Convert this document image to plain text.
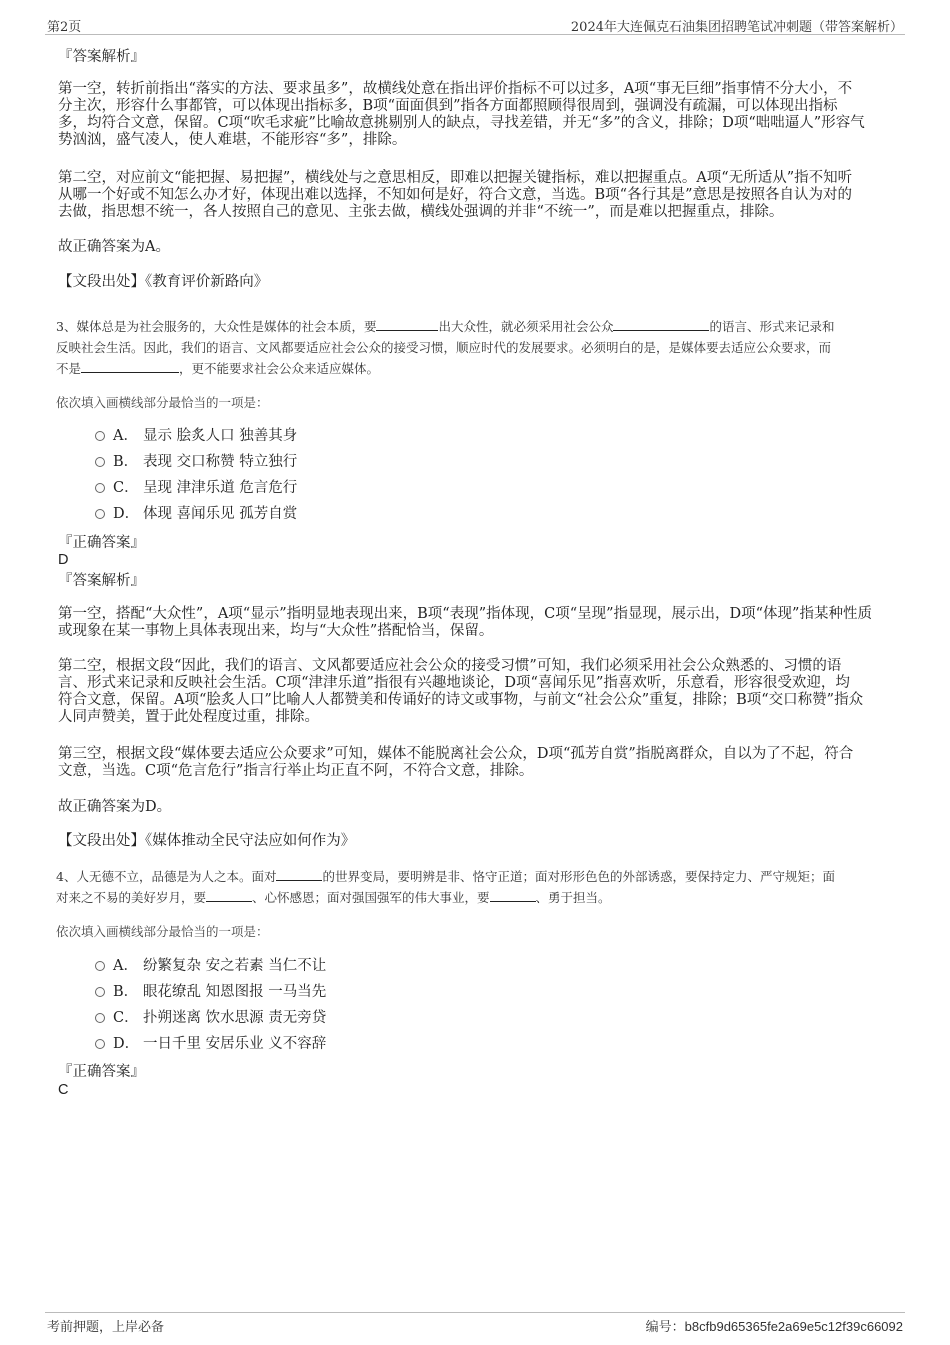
第2页	2024年大连佩克石油集团招聘笔试冲刺题（带答案解析）
『答案解析』
第一空，转折前指出“落实的方法、要求虽多”，故横线处意在指出评价指标不可以过多，A项“事无巨细”指事情不分大小，不
分主次，形容什么事都管，可以体现出指标多，B项“面面俱到”指各方面都照顾得很周到，强调没有疏漏，可以体现出指标
多，均符合文意，保留。C项“吹毛求疵”比喻故意挑剔别人的缺点，寻找差错，并无“多”的含义，排除；D项“咄咄逼人”形容气
势汹汹，盛气凌人，使人难堪，不能形容“多”，排除。
第二空，对应前文“能把握、易把握”，横线处与之意思相反，即难以把握关键指标，难以把握重点。A项“无所适从”指不知听
从哪一个好或不知怎么办才好，体现出难以选择，不知如何是好，符合文意，当选。B项“各行其是”意思是按照各自认为对的
去做，指思想不统一，各人按照自己的意见、主张去做，横线处强调的并非“不统一”，而是难以把握重点，排除。
故正确答案为A。
【文段出处】《教育评价新路向》
3、媒体总是为社会服务的，大众性是媒体的社会本质，要	出大众性，就必须采用社会公众	的语言、形式来记录和
反映社会生活。因此，我们的语言、文风都要适应社会公众的接受习惯，顺应时代的发展要求。必须明白的是，是媒体要去适应公众要求，而
不是	，更不能要求社会公众来适应媒体。
依次填入画横线部分最恰当的一项是：
A． 显示 脍炙人口 独善其身
B． 表现 交口称赞 特立独行
C． 呈现 津津乐道 危言危行
D． 体现 喜闻乐见 孤芳自赏
『正确答案』
D
『答案解析』
第一空，搭配“大众性”，A项“显示”指明显地表现出来，B项“表现”指体现，C项“呈现”指显现，展示出，D项“体现”指某种性质
或现象在某一事物上具体表现出来，均与“大众性”搭配恰当，保留。
第二空，根据文段“因此，我们的语言、文风都要适应社会公众的接受习惯”可知，我们必须采用社会公众熟悉的、习惯的语
言、形式来记录和反映社会生活。C项“津津乐道”指很有兴趣地谈论，D项“喜闻乐见”指喜欢听，乐意看，形容很受欢迎，均
符合文意，保留。A项“脍炙人口”比喻人人都赞美和传诵好的诗文或事物，与前文“社会公众”重复，排除；B项“交口称赞”指众
人同声赞美，置于此处程度过重，排除。
第三空，根据文段“媒体要去适应公众要求”可知，媒体不能脱离社会公众，D项“孤芳自赏”指脱离群众，自以为了不起，符合
文意，当选。C项“危言危行”指言行举止均正直不阿，不符合文意，排除。
故正确答案为D。
【文段出处】《媒体推动全民守法应如何作为》
4、人无德不立，品德是为人之本。面对	的世界变局，要明辨是非、恪守正道；面对形形色色的外部诱惑，要保持定力、严守规矩；面
对来之不易的美好岁月，要	、心怀感恩；面对强国强军的伟大事业，要	、勇于担当。
依次填入画横线部分最恰当的一项是：
A． 纷繁复杂 安之若素 当仁不让
B． 眼花缭乱 知恩图报 一马当先
C． 扑朔迷离 饮水思源 责无旁贷
D． 一日千里 安居乐业 义不容辞
『正确答案』
C
考前押题，上岸必备	编号：b8cfb9d65365fe2a69e5c12f39c66092
